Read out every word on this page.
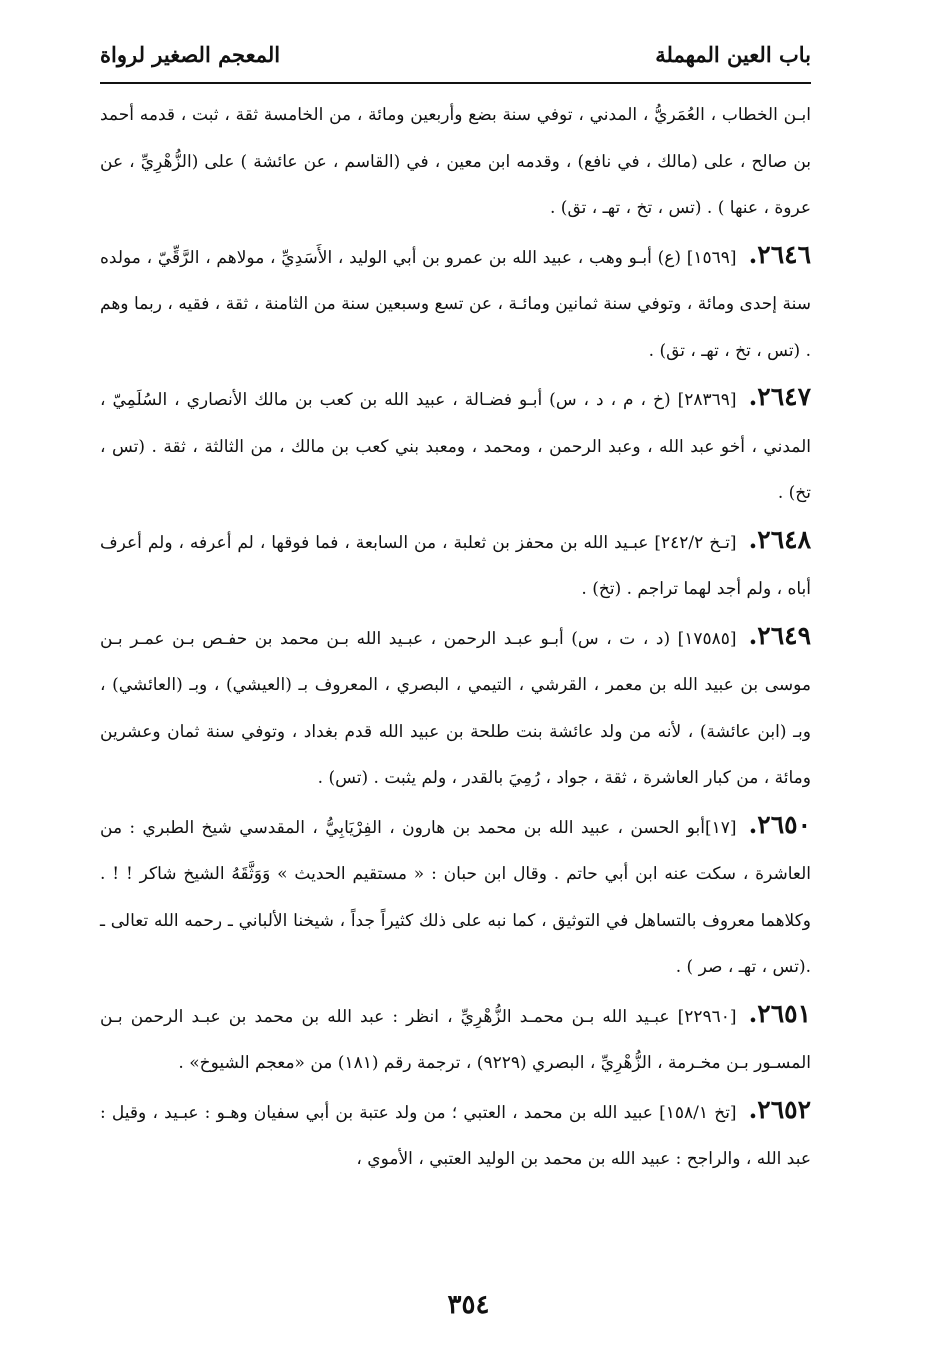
باب العين المهملة
المعجم الصغير لرواة

ابـن الخطاب ، العُمَريُّ ، المدني ، توفي سنة بضع وأربعين ومائة ، من الخامسة ثقة ، ثبت ، قدمه أحمد بن صالح ، على (مالك ، في نافع) ، وقدمه ابن معين ، في (القاسم ، عن عائشة ) على (الزُّهْرِيِّ ، عن عروة ، عنها ) . (تس ، تخ ، تهـ ، تق) .

٢٦٤٦.[١٥٦٩] (ع) أبـو وهب ، عبيد الله بن عمرو بن أبي الوليد ، الأَسَدِيِّ ، مولاهم ، الرَّقِّيّ ، مولده سنة إحدى ومائة ، وتوفي سنة ثمانين ومائـة ، عن تسع وسبعين سنة من الثامنة ، ثقة ، فقيه ، ربما وهم . (تس ، تخ ، تهـ ، تق) .

٢٦٤٧.[٢٨٣٦٩] (خ ، م ، د ، س) أبـو فضـالة ، عبيد الله بن كعب بن مالك الأنصاري ، السُلَمِيّ ، المدني ، أخو عبد الله ، وعبد الرحمن ، ومحمد ، ومعبد بني كعب بن مالك ، من الثالثة ، ثقة . (تس ، تخ) .

٢٦٤٨.[تـخ ٢٤٢/٢] عبـيد الله بن محفز بن ثعلبة ، من السابعة ، فما فوقها ، لم أعرفه ، ولم أعرف أباه ، ولم أجد لهما تراجم . (تخ) .

٢٦٤٩.[١٧٥٨٥] (د ، ت ، س) أبـو عبـد الرحمن ، عبـيد الله بـن محمد بن حفـص بـن عمـر بـن موسى بن عبيد الله بن معمر ، القرشي ، التيمي ، البصري ، المعروف بـ (العيشي) ، وبـ (العائشي) ، وبـ (ابن عائشة) ، لأنه من ولد عائشة بنت طلحة بن عبيد الله قدم بغداد ، وتوفي سنة ثمان وعشرين ومائة ، من كبار العاشرة ، ثقة ، جواد ، رُمِيَ بالقدر ، ولم يثبت . (تس) .

٢٦٥٠.[١٧]أبو الحسن ، عبيد الله بن محمد بن هارون ، الفِرْيَابِيُّ ، المقدسي شيخ الطبري : من العاشرة ، سكت عنه ابن أبي حاتم . وقال ابن حبان : « مستقيم الحديث » وَوَثَّقَهُ الشيخ شاكر ! ! . وكلاهما معروف بالتساهل في التوثيق ، كما نبه على ذلك كثيراً جداً ، شيخنا الألباني ـ رحمه الله تعالى ـ .(تس ، تهـ ، صر ) .

٢٦٥١.[٢٢٩٦٠] عبـيد الله بـن محمـد الزُّهْرِيِّ ، انظر : عبد الله بن محمد بن عبـد الرحمن بـن المسـور بـن مخـرمة ، الزُّهْرِيِّ ، البصري (٩٢٢٩) ، ترجمة رقم (١٨١) من «معجم الشيوخ» .

٢٦٥٢.[تخ ١٥٨/١] عبيد الله بن محمد ، العتبي ؛ من ولد عتبة بن أبي سفيان وهـو : عبـيد ، وقيل : عبد الله ، والراجح : عبيد الله بن محمد بن الوليد العتبي ، الأموي ،

٣٥٤
